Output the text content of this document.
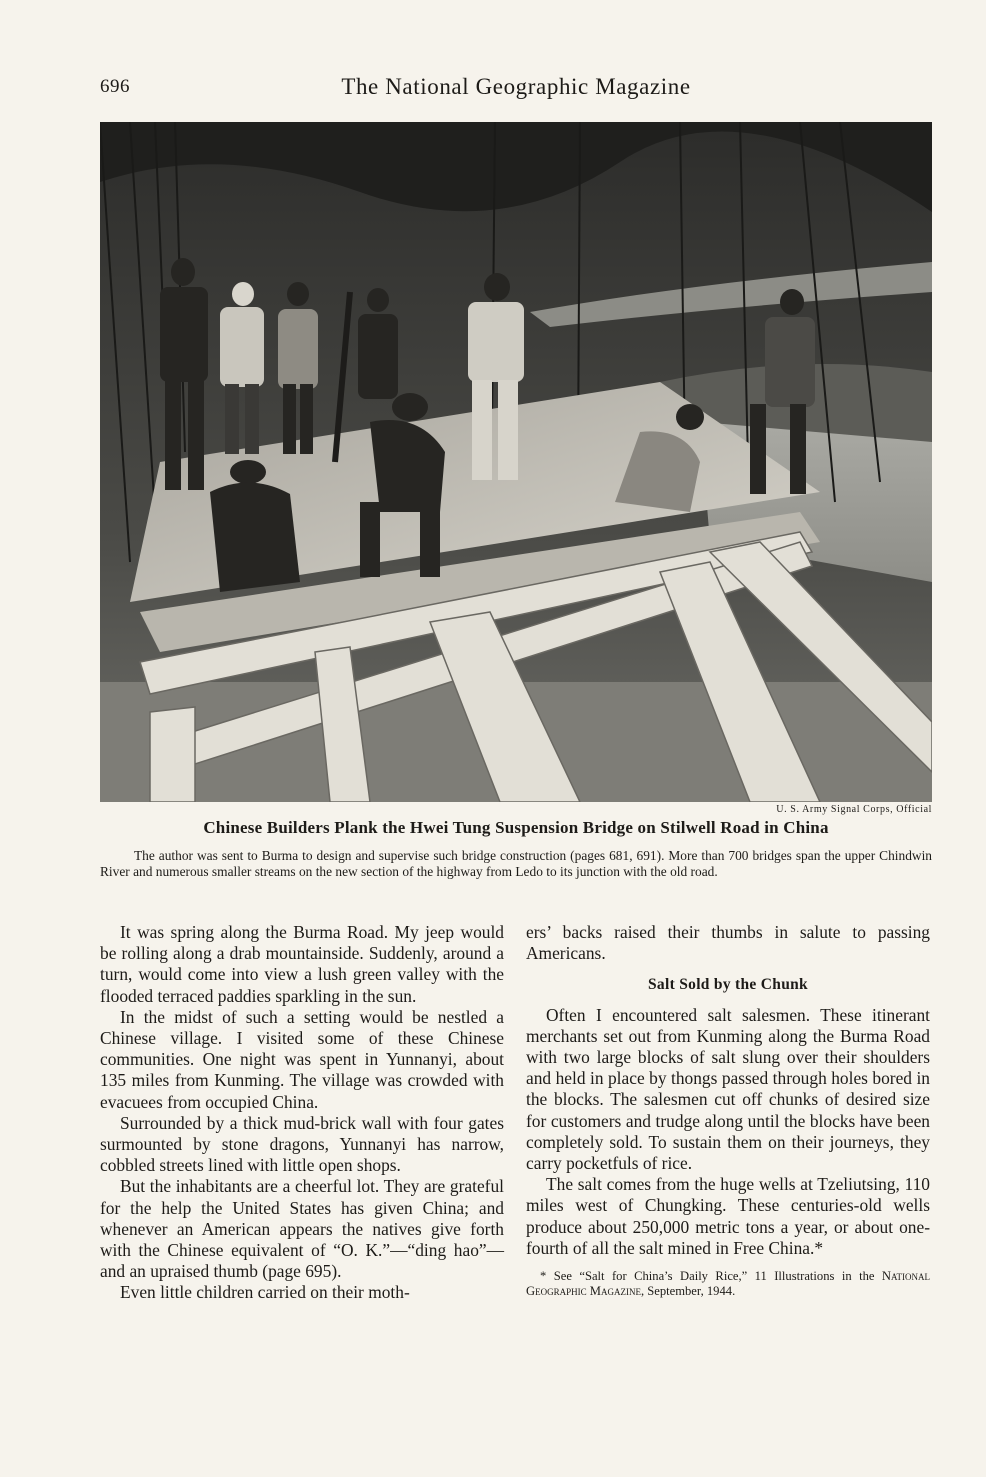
696	The National Geographic Magazine
U. S. Army Signal Corps, Official
Chinese Builders Plank the Hwei Tung Suspension Bridge on Stilwell Road in China
The author was sent to Burma to design and supervise such bridge construction (pages 681, 691). More than 700 bridges span the upper Chindwin River and numerous smaller streams on the new section of the highway from Ledo to its junction with the old road.

It was spring along the Burma Road. My jeep would be rolling along a drab mountainside. Suddenly, around a turn, would come into view a lush green valley with the flooded terraced paddies sparkling in the sun.

In the midst of such a setting would be nestled a Chinese village. I visited some of these Chinese communities. One night was spent in Yunnanyi, about 135 miles from Kunming. The village was crowded with evacuees from occupied China.

Surrounded by a thick mud-brick wall with four gates surmounted by stone dragons, Yunnanyi has narrow, cobbled streets lined with little open shops.

But the inhabitants are a cheerful lot. They are grateful for the help the United States has given China; and whenever an American appears the natives give forth with the Chinese equivalent of “O. K.”—“ding hao”—and an upraised thumb (page 695).

Even little children carried on their moth-

ers’ backs raised their thumbs in salute to passing Americans.

Salt Sold by the Chunk

Often I encountered salt salesmen. These itinerant merchants set out from Kunming along the Burma Road with two large blocks of salt slung over their shoulders and held in place by thongs passed through holes bored in the blocks. The salesmen cut off chunks of desired size for customers and trudge along until the blocks have been completely sold. To sustain them on their journeys, they carry pocketfuls of rice.

The salt comes from the huge wells at Tzeliutsing, 110 miles west of Chungking. These centuries-old wells produce about 250,000 metric tons a year, or about one-fourth of all the salt mined in Free China.*

* See “Salt for China’s Daily Rice,” 11 Illustrations in the National Geographic Magazine, September, 1944.
